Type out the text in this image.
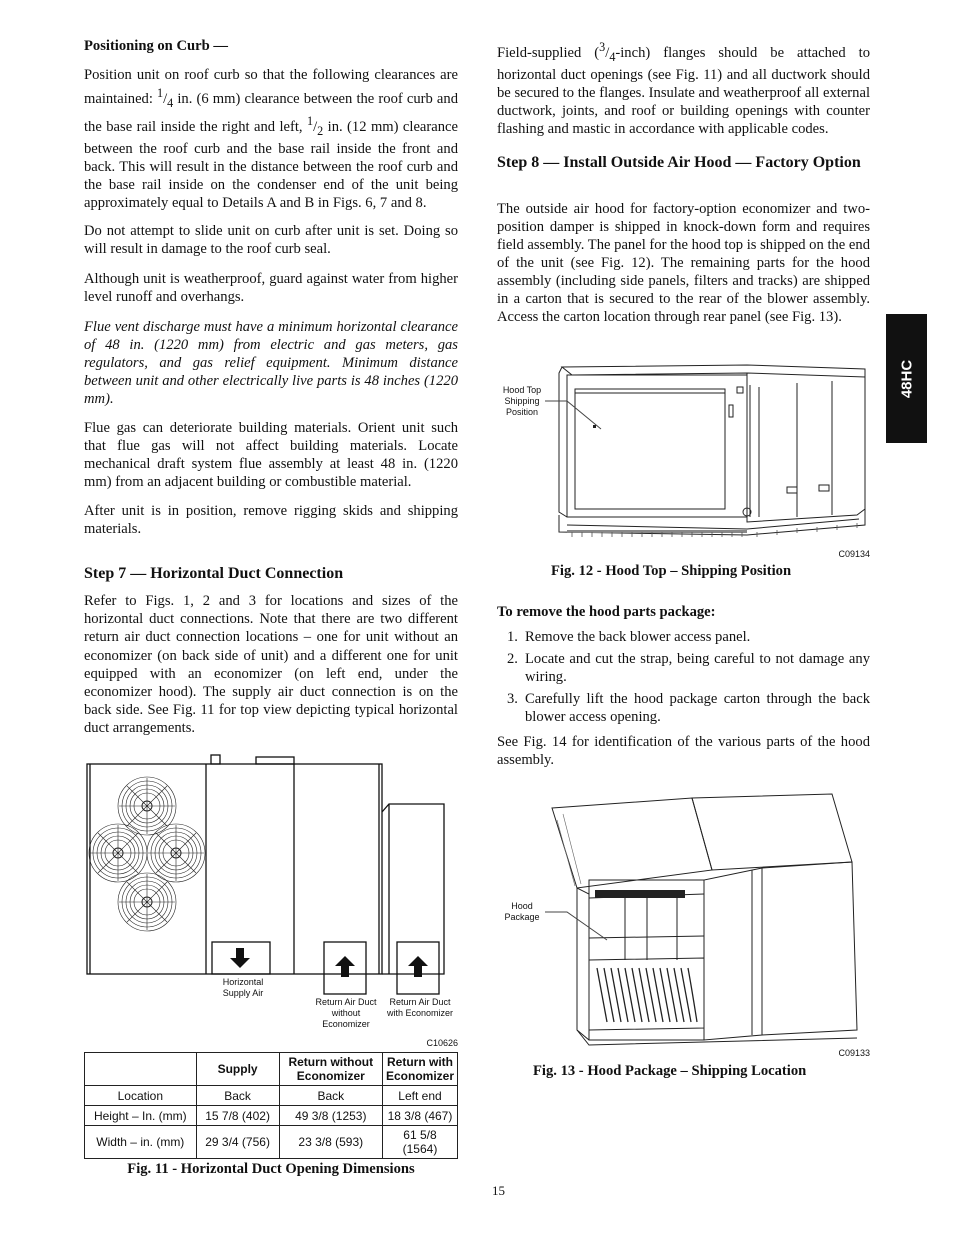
Positioning on Curb —

Position unit on roof curb so that the following clearances are maintained: $^1/_4$ in. (6 mm) clearance between the roof curb and the base rail inside the right and left, $^1/_2$ in. (12 mm) clearance between the roof curb and the base rail inside the front and back. This will result in the distance between the roof curb and the base rail inside on the condenser end of the unit being approximately equal to Details A and B in Figs. 6, 7 and 8.

Do not attempt to slide unit on curb after unit is set. Doing so will result in damage to the roof curb seal.

Although unit is weatherproof, guard against water from higher level runoff and overhangs.

Flue vent discharge must have a minimum horizontal clearance of 48 in. (1220 mm) from electric and gas meters, gas regulators, and gas relief equipment. Minimum distance between unit and other electrically live parts is 48 inches (1220 mm).

Flue gas can deteriorate building materials. Orient unit such that flue gas will not affect building materials. Locate mechanical draft system flue assembly at least 48 in. (1220 mm) from an adjacent building or combustible material.

After unit is in position, remove rigging skids and shipping materials.

Step 7 — Horizontal Duct Connection

Refer to Figs. 1, 2 and 3 for locations and sizes of the horizontal duct connections. Note that there are two different return air duct connection locations – one for unit without an economizer (on back side of unit) and a different one for unit equipped with an economizer (on left end, under the economizer hood). The supply air duct connection is on the back side. See Fig. 11 for top view depicting typical horizontal duct arrangements.

Horizontal Supply Air
Return Air Duct without Economizer
Return Air Duct with Economizer
C10626
	Supply	Return without Economizer	Return with Economizer
Location	Back	Back	Left end
Height – In. (mm)	15 7/8 (402)	49 3/8 (1253)	18 3/8 (467)
Width – in. (mm)	29 3/4 (756)	23 3/8 (593)	61 5/8 (1564)

Fig. 11 - Horizontal Duct Opening Dimensions

Field-supplied $(^3/_4-inch)$ flanges should be attached to horizontal duct openings (see Fig. 11) and all ductwork should be secured to the flanges. Insulate and weatherproof all external ductwork, joints, and roof or building openings with counter flashing and mastic in accordance with applicable codes.

Step 8 — Install Outside Air Hood — Factory Option

The outside air hood for factory-option economizer and two-position damper is shipped in knock-down form and requires field assembly. The panel for the hood top is shipped on the end of the unit (see Fig. 12). The remaining parts for the hood assembly (including side panels, filters and tracks) are shipped in a carton that is secured to the rear of the blower assembly. Access the carton location through rear panel (see Fig. 13).

Hood Top Shipping Position
C09134

Fig. 12 - Hood Top – Shipping Position

To remove the hood parts package:

1. Remove the back blower access panel.
2. Locate and cut the strap, being careful to not damage any wiring.
3. Carefully lift the hood package carton through the back blower access opening.

See Fig. 14 for identification of the various parts of the hood assembly.

Hood Package
C09133

Fig. 13 - Hood Package – Shipping Location

48HC
15
